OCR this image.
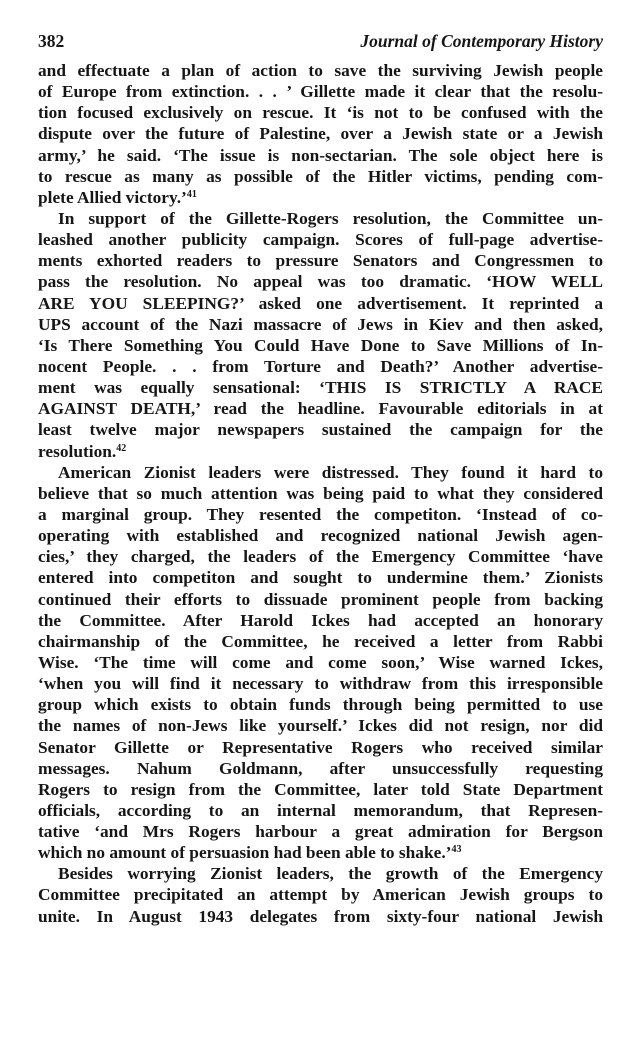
382	Journal of Contemporary History
and effectuate a plan of action to save the surviving Jewish people
of Europe from extinction. . . ’ Gillette made it clear that the resolu-
tion focused exclusively on rescue. It ‘is not to be confused with the
dispute over the future of Palestine, over a Jewish state or a Jewish
army,’ he said. ‘The issue is non-sectarian. The sole object here is
to rescue as many as possible of the Hitler victims, pending com-
plete Allied victory.’$^{41}$
In support of the Gillette-Rogers resolution, the Committee un-
leashed another publicity campaign. Scores of full-page advertise-
ments exhorted readers to pressure Senators and Congressmen to
pass the resolution. No appeal was too dramatic. ‘HOW WELL
ARE YOU SLEEPING?’ asked one advertisement. It reprinted a
UPS account of the Nazi massacre of Jews in Kiev and then asked,
‘Is There Something You Could Have Done to Save Millions of In-
nocent People. . . from Torture and Death?’ Another advertise-
ment was equally sensational: ‘THIS IS STRICTLY A RACE
AGAINST DEATH,’ read the headline. Favourable editorials in at
least twelve major newspapers sustained the campaign for the
resolution.$^{42}$
American Zionist leaders were distressed. They found it hard to
believe that so much attention was being paid to what they considered
a marginal group. They resented the competiton. ‘Instead of co-
operating with established and recognized national Jewish agen-
cies,’ they charged, the leaders of the Emergency Committee ‘have
entered into competiton and sought to undermine them.’ Zionists
continued their efforts to dissuade prominent people from backing
the Committee. After Harold Ickes had accepted an honorary
chairmanship of the Committee, he received a letter from Rabbi
Wise. ‘The time will come and come soon,’ Wise warned Ickes,
‘when you will find it necessary to withdraw from this irresponsible
group which exists to obtain funds through being permitted to use
the names of non-Jews like yourself.’ Ickes did not resign, nor did
Senator Gillette or Representative Rogers who received similar
messages. Nahum Goldmann, after unsuccessfully requesting
Rogers to resign from the Committee, later told State Department
officials, according to an internal memorandum, that Represen-
tative ‘and Mrs Rogers harbour a great admiration for Bergson
which no amount of persuasion had been able to shake.’$^{43}$
Besides worrying Zionist leaders, the growth of the Emergency
Committee precipitated an attempt by American Jewish groups to
unite. In August 1943 delegates from sixty-four national Jewish
